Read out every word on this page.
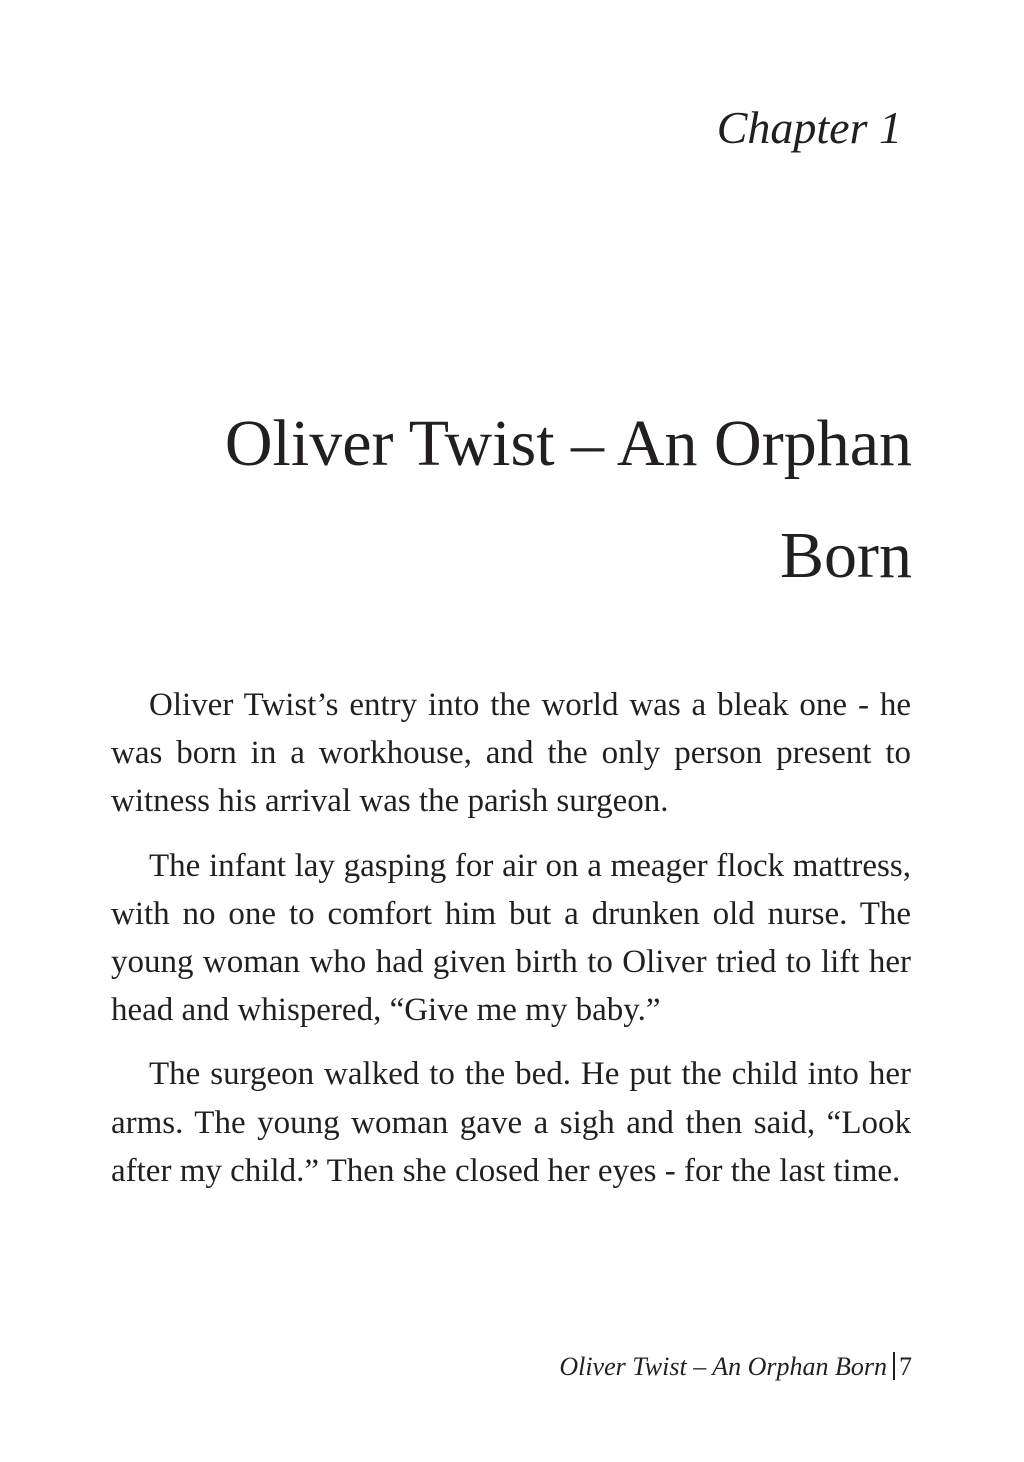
Chapter 1
Oliver Twist – An Orphan Born

Oliver Twist’s entry into the world was a bleak one - he was born in a workhouse, and the only person present to witness his arrival was the parish surgeon.

The infant lay gasping for air on a meager flock mattress, with no one to comfort him but a drunken old nurse. The young woman who had given birth to Oliver tried to lift her head and whispered, “Give me my baby.”

The surgeon walked to the bed. He put the child into her arms. The young woman gave a sigh and then said, “Look after my child.” Then she closed her eyes - for the last time.

Oliver Twist – An Orphan Born 7
